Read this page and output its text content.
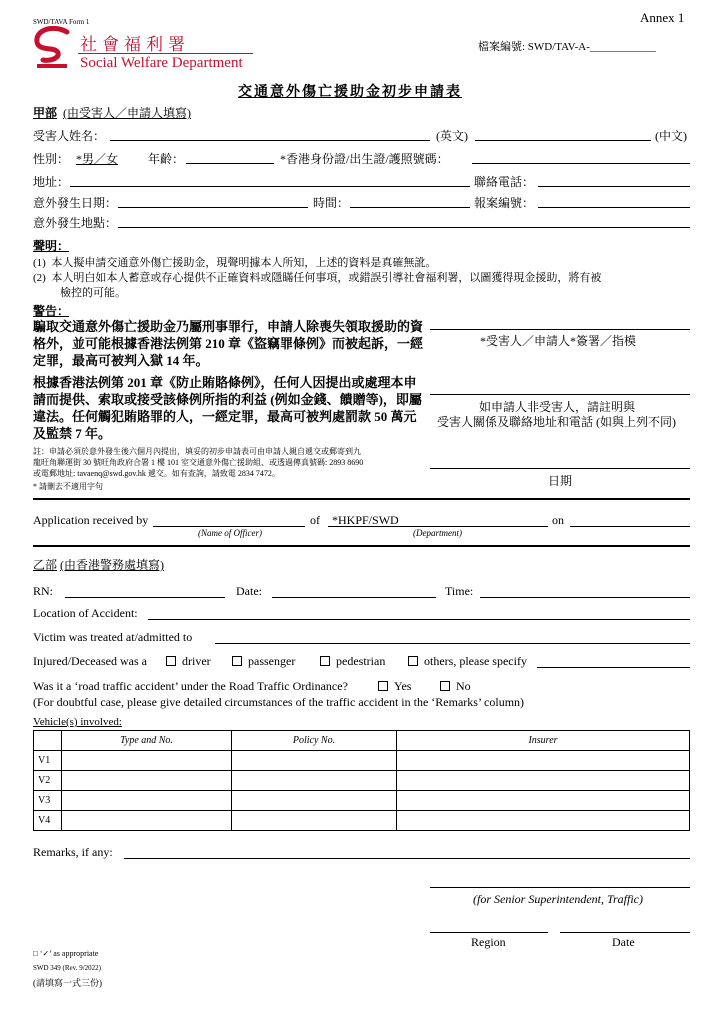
SWD/TAVA Form 1	Annex 1
社會福利署
Social Welfare Department
檔案編號: SWD/TAV-A-____________
交通意外傷亡援助金初步申請表
甲部 (由受害人／申請人填寫)
受害人姓名：	(英文)	(中文)
性別： *男／女 年齡：	*香港身份證/出生證/護照號碼：
地址：	聯絡電話：
意外發生日期：	時間：	報案編號：
意外發生地點：
聲明：
(1) 本人擬申請交通意外傷亡援助金，現聲明據本人所知，上述的資料是真確無訛。
(2) 本人明白如本人蓄意或存心提供不正確資料或隱瞞任何事項，或錯誤引導社會福利署，以圖獲得現金援助，將有被
檢控的可能。
警告：
騙取交通意外傷亡援助金乃屬刑事罪行，申請人除喪失領取援助的資格外，並可能根據香港法例第 210 章《盜竊罪條例》而被起訴，一經定罪，最高可被判入獄 14 年。
根據香港法例第 201 章《防止賄賂條例》，任何人因提出或處理本申請而提供、索取或接受該條例所指的利益 (例如金錢、饋贈等)，即屬違法。任何觸犯賄賂罪的人，一經定罪，最高可被判處罰款 50 萬元及監禁 7 年。
*受害人／申請人*簽署／指模
如申請人非受害人，請註明與
受害人關係及聯絡地址和電話 (如與上列不同)
註：申請必須於意外發生後六個月內提出，填妥的初步申請表可由申請人親自遞交或郵寄到九
龍旺角聯運街 30 號旺角政府合署 1 樓 101 室交通意外傷亡援助組、或透過傳真號碼: 2893 8690
或電郵地址: tavaenq@swd.gov.hk 遞交。如有查詢，請致電 2834 7472。
* 請刪去不適用字句	日期
Application received by	of *HKPF/SWD	on
(Name of Officer)	(Department)
乙部 (由香港警務處填寫)
RN:	Date:	Time:
Location of Accident:
Victim was treated at/admitted to
Injured/Deceased was a	driver	passenger	pedestrian	others, please specify
Was it a ‘road traffic accident’ under the Road Traffic Ordinance?	Yes	No
(For doubtful case, please give detailed circumstances of the traffic accident in the ‘Remarks’ column)
Vehicle(s) involved:
	Type and No.	Policy No.	Insurer
V1			
V2			
V3			
V4			
Remarks, if any:
(for Senior Superintendent, Traffic)
Region	Date
□ ‘✓’ as appropriate
SWD 349 (Rev. 9/2022)
(請填寫一式三份)
